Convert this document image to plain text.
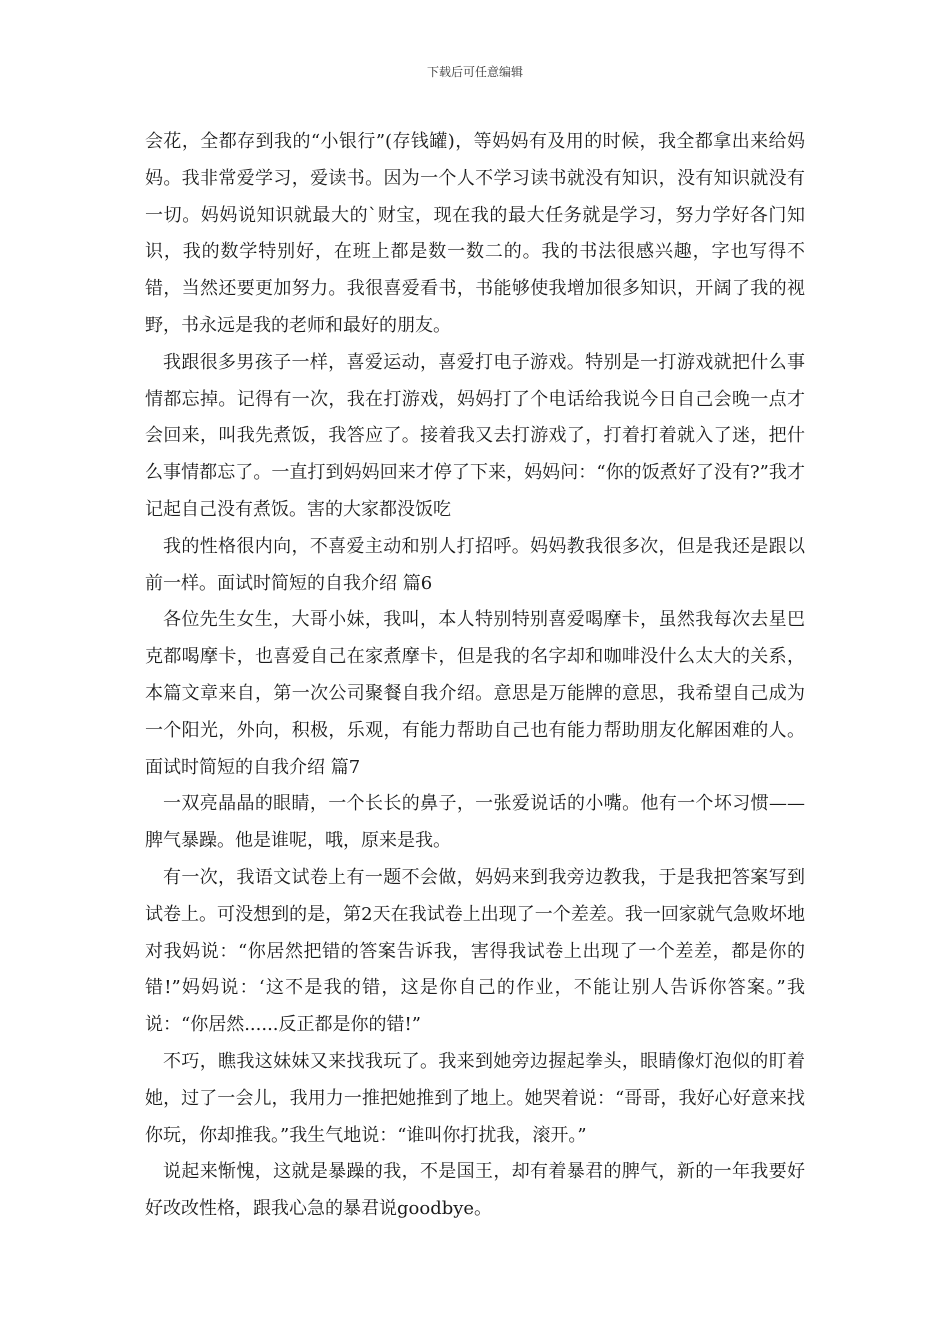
下载后可任意编辑

会花，全都存到我的“小银行”(存钱罐)，等妈妈有及用的时候，我全都拿出来给妈妈。我非常爱学习，爱读书。因为一个人不学习读书就没有知识，没有知识就没有一切。妈妈说知识就最大的`财宝，现在我的最大任务就是学习，努力学好各门知识，我的数学特别好，在班上都是数一数二的。我的书法很感兴趣，字也写得不错，当然还要更加努力。我很喜爱看书，书能够使我增加很多知识，开阔了我的视野，书永远是我的老师和最好的朋友。

我跟很多男孩子一样，喜爱运动，喜爱打电子游戏。特别是一打游戏就把什么事情都忘掉。记得有一次，我在打游戏，妈妈打了个电话给我说今日自己会晚一点才会回来，叫我先煮饭，我答应了。接着我又去打游戏了，打着打着就入了迷，把什么事情都忘了。一直打到妈妈回来才停了下来，妈妈问：“你的饭煮好了没有?”我才记起自己没有煮饭。害的大家都没饭吃

我的性格很内向，不喜爱主动和别人打招呼。妈妈教我很多次，但是我还是跟以前一样。面试时简短的自我介绍 篇6

各位先生女生，大哥小妹，我叫，本人特别特别喜爱喝摩卡，虽然我每次去星巴克都喝摩卡，也喜爱自己在家煮摩卡，但是我的名字却和咖啡没什么太大的关系，本篇文章来自，第一次公司聚餐自我介绍。意思是万能牌的意思，我希望自己成为一个阳光，外向，积极，乐观，有能力帮助自己也有能力帮助朋友化解困难的人。面试时简短的自我介绍 篇7

一双亮晶晶的眼睛，一个长长的鼻子，一张爱说话的小嘴。他有一个坏习惯——脾气暴躁。他是谁呢，哦，原来是我。

有一次，我语文试卷上有一题不会做，妈妈来到我旁边教我，于是我把答案写到试卷上。可没想到的是，第2天在我试卷上出现了一个差差。我一回家就气急败坏地对我妈说：“你居然把错的答案告诉我，害得我试卷上出现了一个差差，都是你的错!”妈妈说：‘这不是我的错，这是你自己的作业，不能让别人告诉你答案。”我说：“你居然......反正都是你的错!”

不巧，瞧我这妹妹又来找我玩了。我来到她旁边握起拳头，眼睛像灯泡似的盯着她，过了一会儿，我用力一推把她推到了地上。她哭着说：“哥哥，我好心好意来找你玩，你却推我。”我生气地说：“谁叫你打扰我，滚开。”

说起来惭愧，这就是暴躁的我，不是国王，却有着暴君的脾气，新的一年我要好好改改性格，跟我心急的暴君说goodbye。
